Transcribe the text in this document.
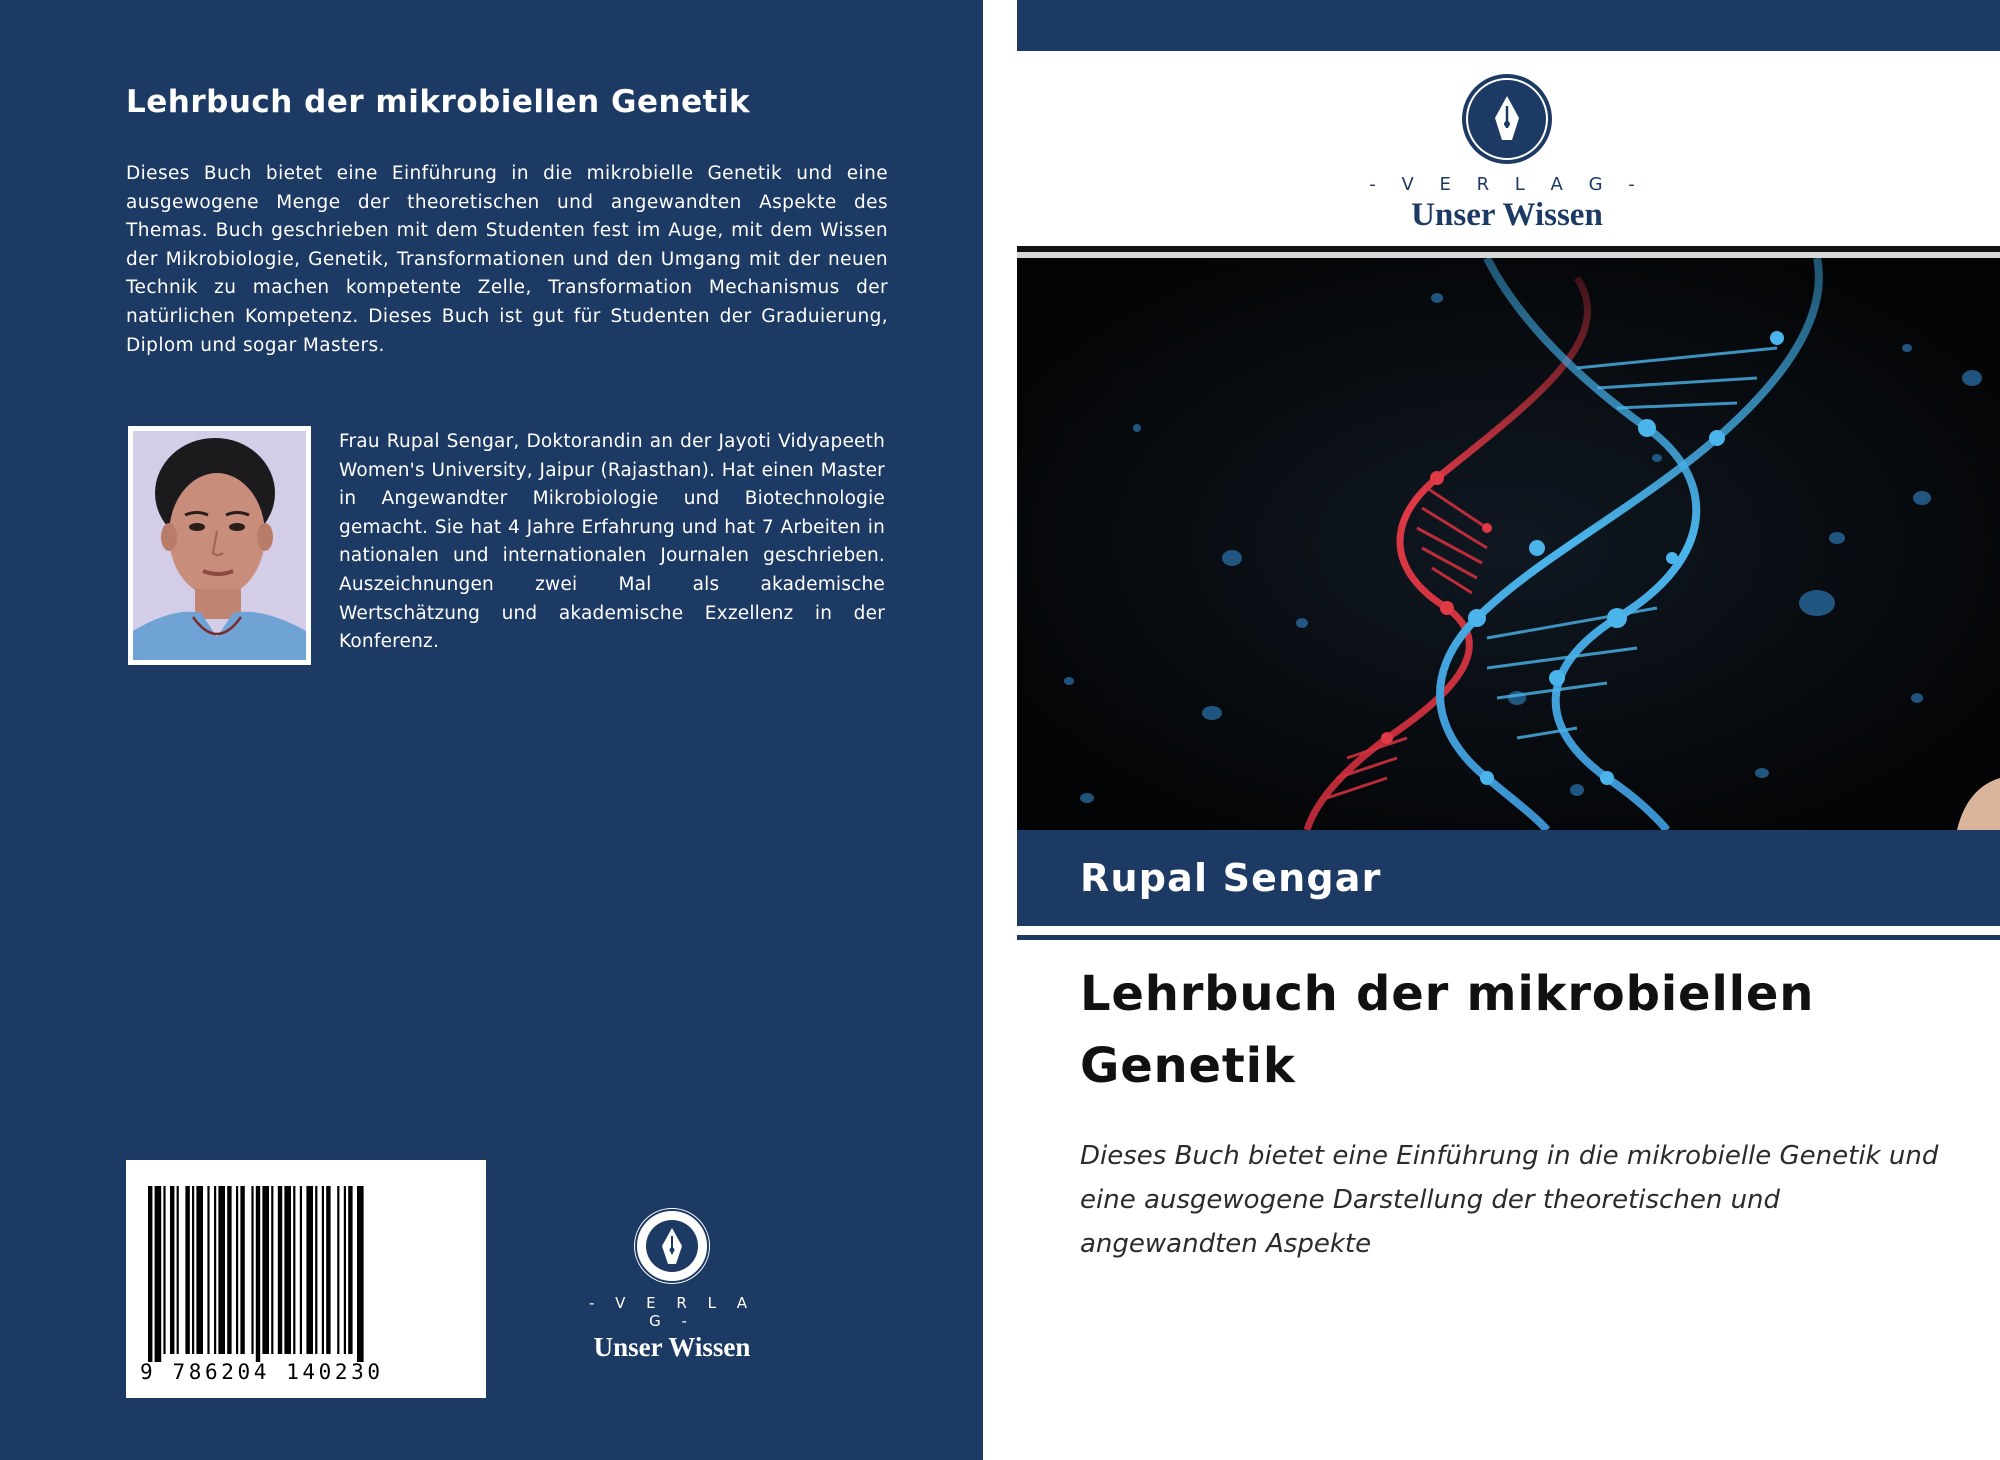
Lehrbuch der mikrobiellen Genetik
Dieses Buch bietet eine Einführung in die mikrobielle Genetik und eine ausgewogene Menge der theoretischen und angewandten Aspekte des Themas. Buch geschrieben mit dem Studenten fest im Auge, mit dem Wissen der Mikrobiologie, Genetik, Transformationen und den Umgang mit der neuen Technik zu machen kompetente Zelle, Transformation Mechanismus der natürlichen Kompetenz. Dieses Buch ist gut für Studenten der Graduierung, Diplom und sogar Masters.
Frau Rupal Sengar, Doktorandin an der Jayoti Vidyapeeth Women's University, Jaipur (Rajasthan). Hat einen Master in Angewandter Mikrobiologie und Biotechnologie gemacht. Sie hat 4 Jahre Erfahrung und hat 7 Arbeiten in nationalen und internationalen Journalen geschrieben. Auszeichnungen zwei Mal als akademische Wertschätzung und akademische Exzellenz in der Konferenz.
9 786204 140230
- V E R L A G -
Unser Wissen
- V E R L A G -
Unser Wissen
Rupal Sengar
Lehrbuch der mikrobiellen Genetik
Dieses Buch bietet eine Einführung in die mikrobielle Genetik und eine ausgewogene Darstellung der theoretischen und angewandten Aspekte
